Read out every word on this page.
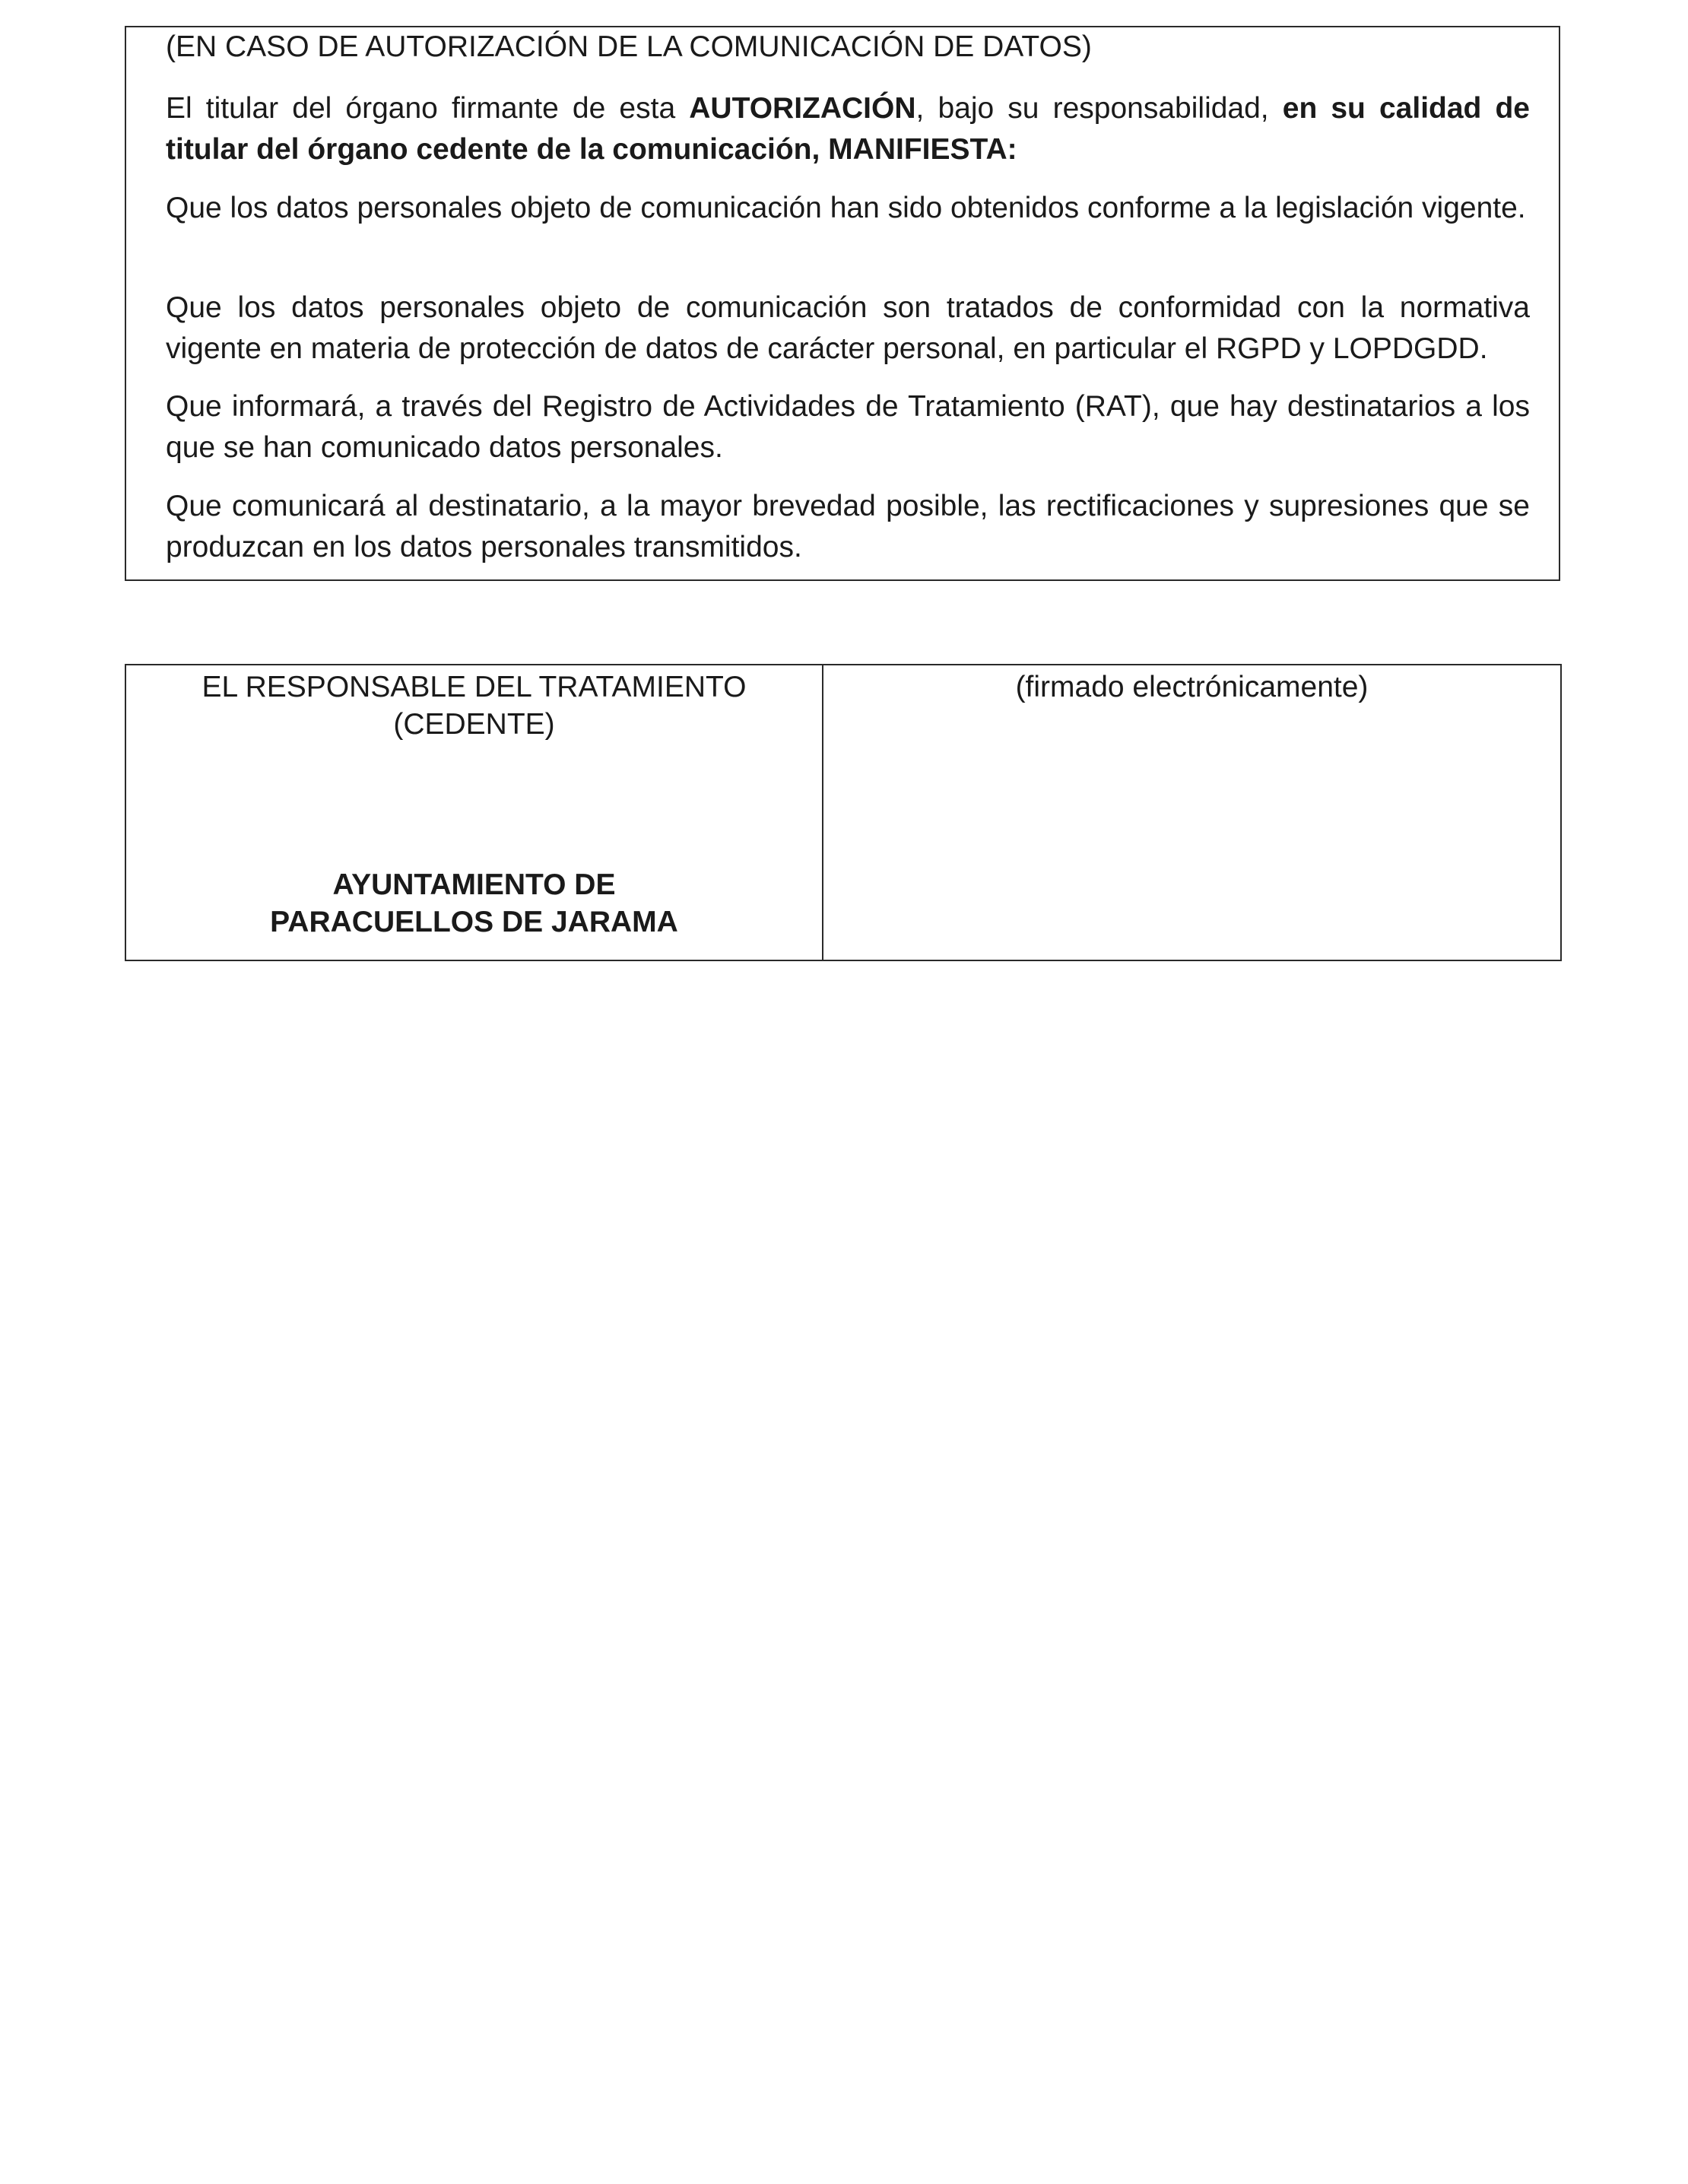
(EN CASO DE AUTORIZACIÓN DE LA COMUNICACIÓN DE DATOS)

El titular del órgano firmante de esta AUTORIZACIÓN, bajo su responsabilidad, en su calidad de titular del órgano cedente de la comunicación, MANIFIESTA:

Que los datos personales objeto de comunicación han sido obtenidos conforme a la legislación vigente.

Que los datos personales objeto de comunicación son tratados de conformidad con la normativa vigente en materia de protección de datos de carácter personal, en particular el RGPD y LOPDGDD.

Que informará, a través del Registro de Actividades de Tratamiento (RAT), que hay destinatarios a los que se han comunicado datos personales.

Que comunicará al destinatario, a la mayor brevedad posible, las rectificaciones y supresiones que se produzcan en los datos personales transmitidos.

EL RESPONSABLE DEL TRATAMIENTO
(CEDENTE)
AYUNTAMIENTO DE
PARACUELLOS DE JARAMA
(firmado electrónicamente)
